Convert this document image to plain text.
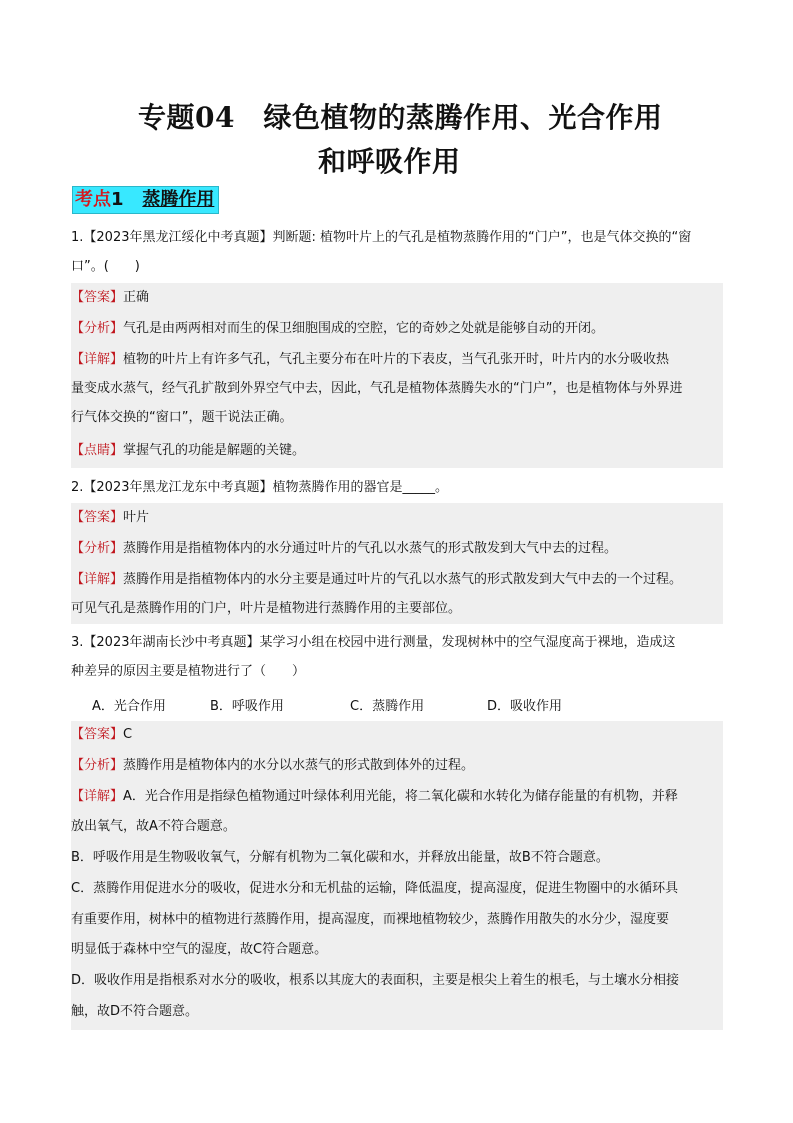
专题04　绿色植物的蒸腾作用、光合作用
和呼吸作用
考点1 蒸腾作用
1.【2023年黑龙江绥化中考真题】判断题: 植物叶片上的气孔是植物蒸腾作用的“门户”，也是气体交换的“窗
口”。(　　)
【答案】正确
【分析】气孔是由两两相对而生的保卫细胞围成的空腔，它的奇妙之处就是能够自动的开闭。
【详解】植物的叶片上有许多气孔，气孔主要分布在叶片的下表皮，当气孔张开时，叶片内的水分吸收热
量变成水蒸气，经气孔扩散到外界空气中去，因此，气孔是植物体蒸腾失水的“门户”，也是植物体与外界进
行气体交换的“窗口”，题干说法正确。
【点睛】掌握气孔的功能是解题的关键。
2.【2023年黑龙江龙东中考真题】植物蒸腾作用的器官是_____。
【答案】叶片
【分析】蒸腾作用是指植物体内的水分通过叶片的气孔以水蒸气的形式散发到大气中去的过程。
【详解】蒸腾作用是指植物体内的水分主要是通过叶片的气孔以水蒸气的形式散发到大气中去的一个过程。
可见气孔是蒸腾作用的门户，叶片是植物进行蒸腾作用的主要部位。
3.【2023年湖南长沙中考真题】某学习小组在校园中进行测量，发现树林中的空气湿度高于裸地，造成这
种差异的原因主要是植物进行了（　　）
A．光合作用	B．呼吸作用	C．蒸腾作用	D．吸收作用
【答案】C
【分析】蒸腾作用是植物体内的水分以水蒸气的形式散到体外的过程。
【详解】A．光合作用是指绿色植物通过叶绿体利用光能，将二氧化碳和水转化为储存能量的有机物，并释
放出氧气，故A不符合题意。
B．呼吸作用是生物吸收氧气，分解有机物为二氧化碳和水，并释放出能量，故B不符合题意。
C．蒸腾作用促进水分的吸收，促进水分和无机盐的运输，降低温度，提高湿度，促进生物圈中的水循环具
有重要作用，树林中的植物进行蒸腾作用，提高湿度，而裸地植物较少，蒸腾作用散失的水分少，湿度要
明显低于森林中空气的湿度，故C符合题意。
D．吸收作用是指根系对水分的吸收，根系以其庞大的表面积，主要是根尖上着生的根毛，与土壤水分相接
触，故D不符合题意。
